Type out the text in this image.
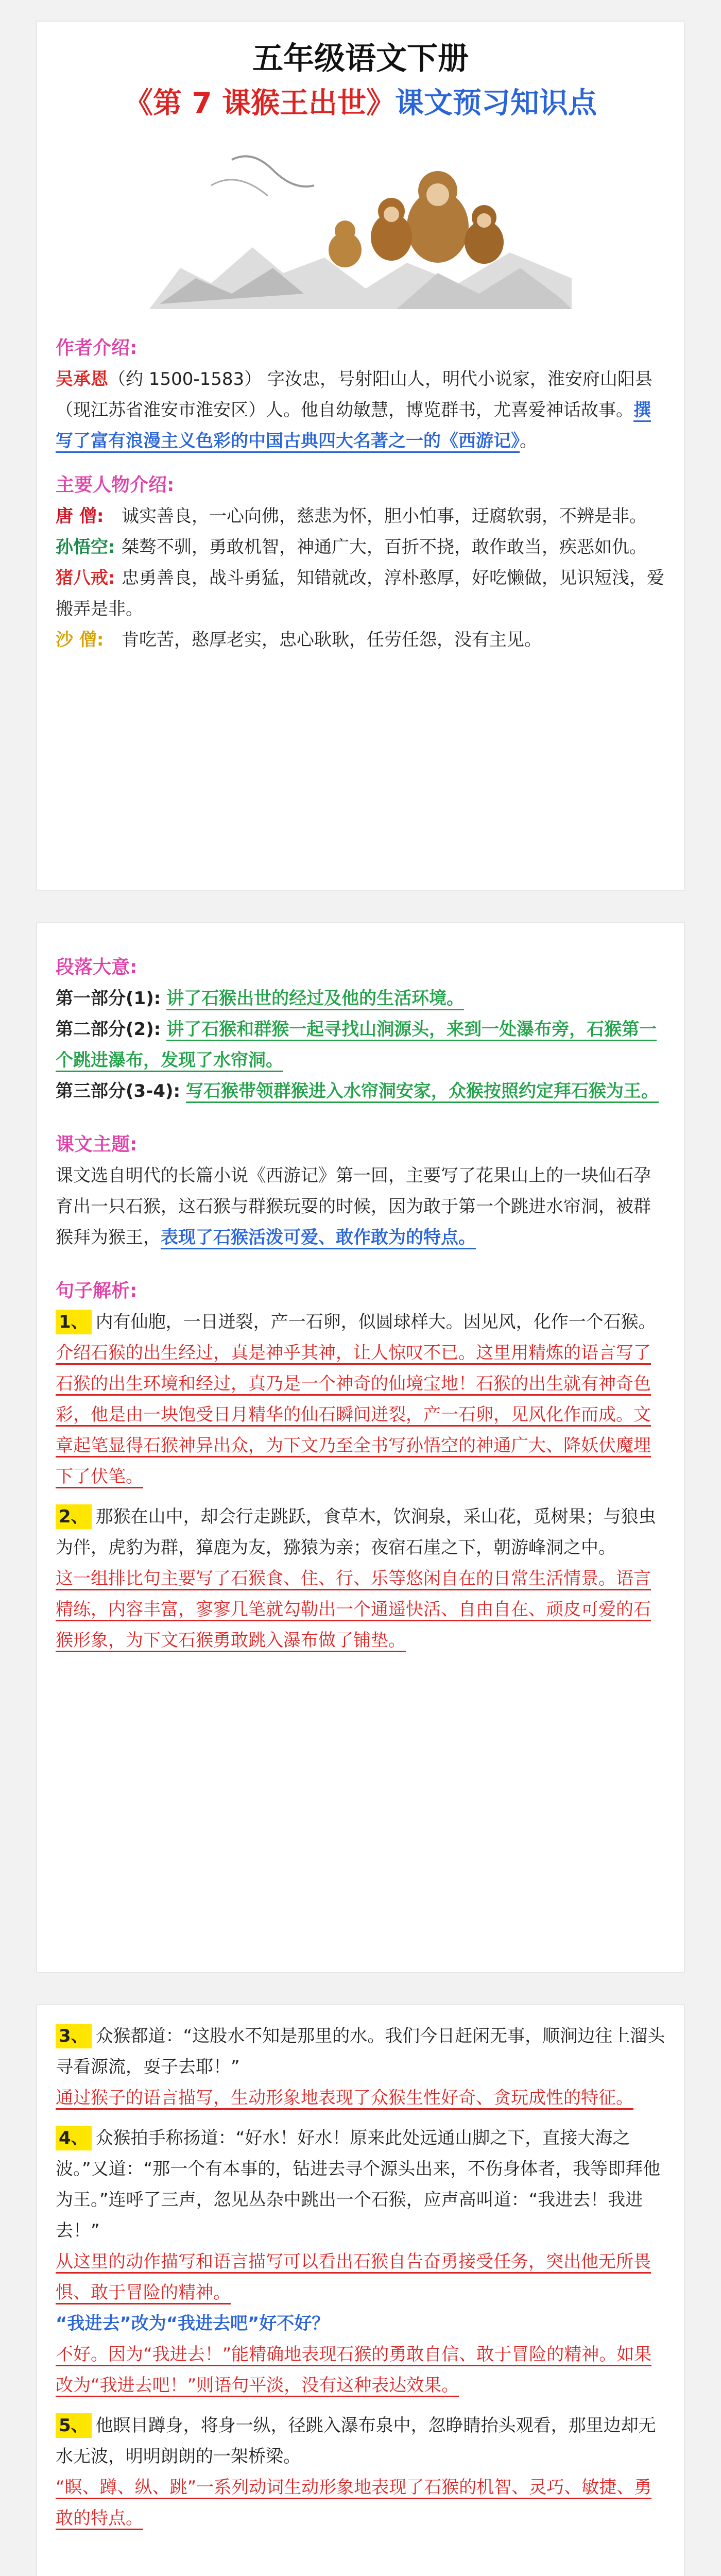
五年级语文下册
《第 7 课猴王出世》课文预习知识点
作者介绍:

吴承恩（约 1500-1583） 字汝忠，号射阳山人，明代小说家，淮安府山阳县（现江苏省淮安市淮安区）人。他自幼敏慧，博览群书，尤喜爱神话故事。撰写了富有浪漫主义色彩的中国古典四大名著之一的《西游记》。

主要人物介绍:

唐 僧: 诚实善良，一心向佛，慈悲为怀，胆小怕事，迂腐软弱，不辨是非。

孙悟空: 桀骜不驯，勇敢机智，神通广大，百折不挠，敢作敢当，疾恶如仇。

猪八戒: 忠勇善良，战斗勇猛，知错就改，淳朴憨厚，好吃懒做，见识短浅，爱搬弄是非。

沙 僧: 肯吃苦，憨厚老实，忠心耿耿，任劳任怨，没有主见。

段落大意:

第一部分(1): 讲了石猴出世的经过及他的生活环境。

第二部分(2): 讲了石猴和群猴一起寻找山涧源头，来到一处瀑布旁，石猴第一个跳进瀑布，发现了水帘洞。

第三部分(3-4): 写石猴带领群猴进入水帘洞安家，众猴按照约定拜石猴为王。

课文主题:

课文选自明代的长篇小说《西游记》第一回，主要写了花果山上的一块仙石孕育出一只石猴，这石猴与群猴玩耍的时候，因为敢于第一个跳进水帘洞，被群猴拜为猴王，表现了石猴活泼可爱、敢作敢为的特点。

句子解析:

1、 内有仙胞，一日迸裂，产一石卵，似圆球样大。因见风，化作一个石猴。

介绍石猴的出生经过，真是神乎其神，让人惊叹不已。这里用精炼的语言写了石猴的出生环境和经过，真乃是一个神奇的仙境宝地！石猴的出生就有神奇色彩，他是由一块饱受日月精华的仙石瞬间迸裂，产一石卵，见风化作而成。文章起笔显得石猴神异出众，为下文乃至全书写孙悟空的神通广大、降妖伏魔埋下了伏笔。

2、 那猴在山中，却会行走跳跃，食草木，饮涧泉，采山花，觅树果；与狼虫为伴，虎豹为群，獐鹿为友，猕猿为亲；夜宿石崖之下，朝游峰洞之中。

这一组排比句主要写了石猴食、住、行、乐等悠闲自在的日常生活情景。语言精练，内容丰富，寥寥几笔就勾勒出一个通遥快活、自由自在、顽皮可爱的石猴形象，为下文石猴勇敢跳入瀑布做了铺垫。

3、 众猴都道：“这股水不知是那里的水。我们今日赶闲无事，顺涧边往上溜头寻看源流，耍子去耶！”

通过猴子的语言描写，生动形象地表现了众猴生性好奇、贪玩成性的特征。

4、 众猴拍手称扬道：“好水！好水！原来此处远通山脚之下，直接大海之波。”又道：“那一个有本事的，钻进去寻个源头出来，不伤身体者，我等即拜他为王。”连呼了三声，忽见丛杂中跳出一个石猴，应声高叫道：“我进去！我进去！”

从这里的动作描写和语言描写可以看出石猴自告奋勇接受任务，突出他无所畏惧、敢于冒险的精神。

“我进去”改为“我进去吧”好不好？

不好。因为“我进去！”能精确地表现石猴的勇敢自信、敢于冒险的精神。如果改为“我进去吧！”则语句平淡，没有这种表达效果。

5、 他瞑目蹲身，将身一纵，径跳入瀑布泉中，忽睁睛抬头观看，那里边却无水无波，明明朗朗的一架桥梁。

“瞑、蹲、纵、跳”一系列动词生动形象地表现了石猴的机智、灵巧、敏捷、勇敢的特点。
